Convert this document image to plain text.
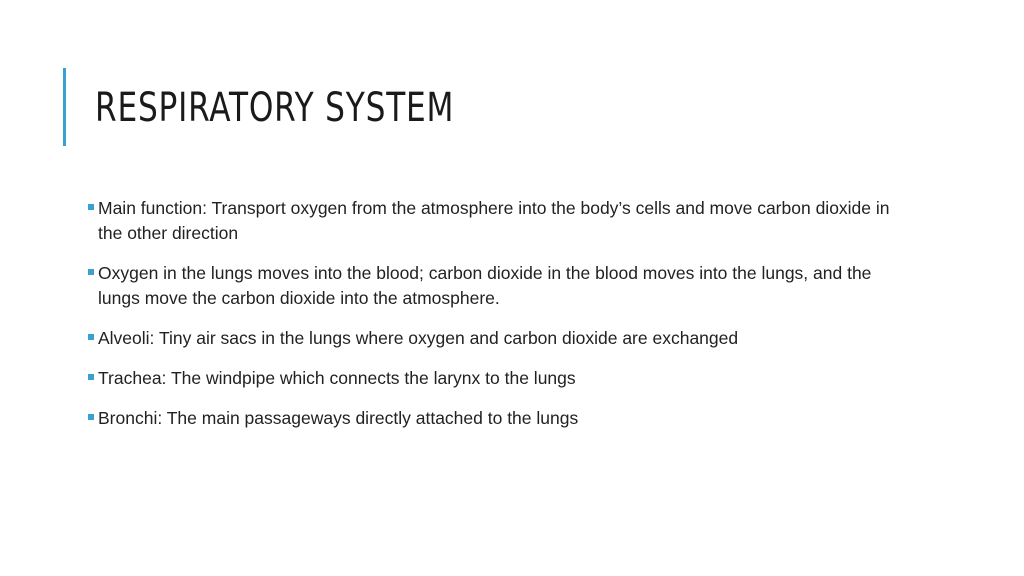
RESPIRATORY SYSTEM
Main function: Transport oxygen from the atmosphere into the body’s cells and move carbon dioxide in the other direction
Oxygen in the lungs moves into the blood; carbon dioxide in the blood moves into the lungs, and the lungs move the carbon dioxide into the atmosphere.
Alveoli: Tiny air sacs in the lungs where oxygen and carbon dioxide are exchanged
Trachea: The windpipe which connects the larynx to the lungs
Bronchi: The main passageways directly attached to the lungs
